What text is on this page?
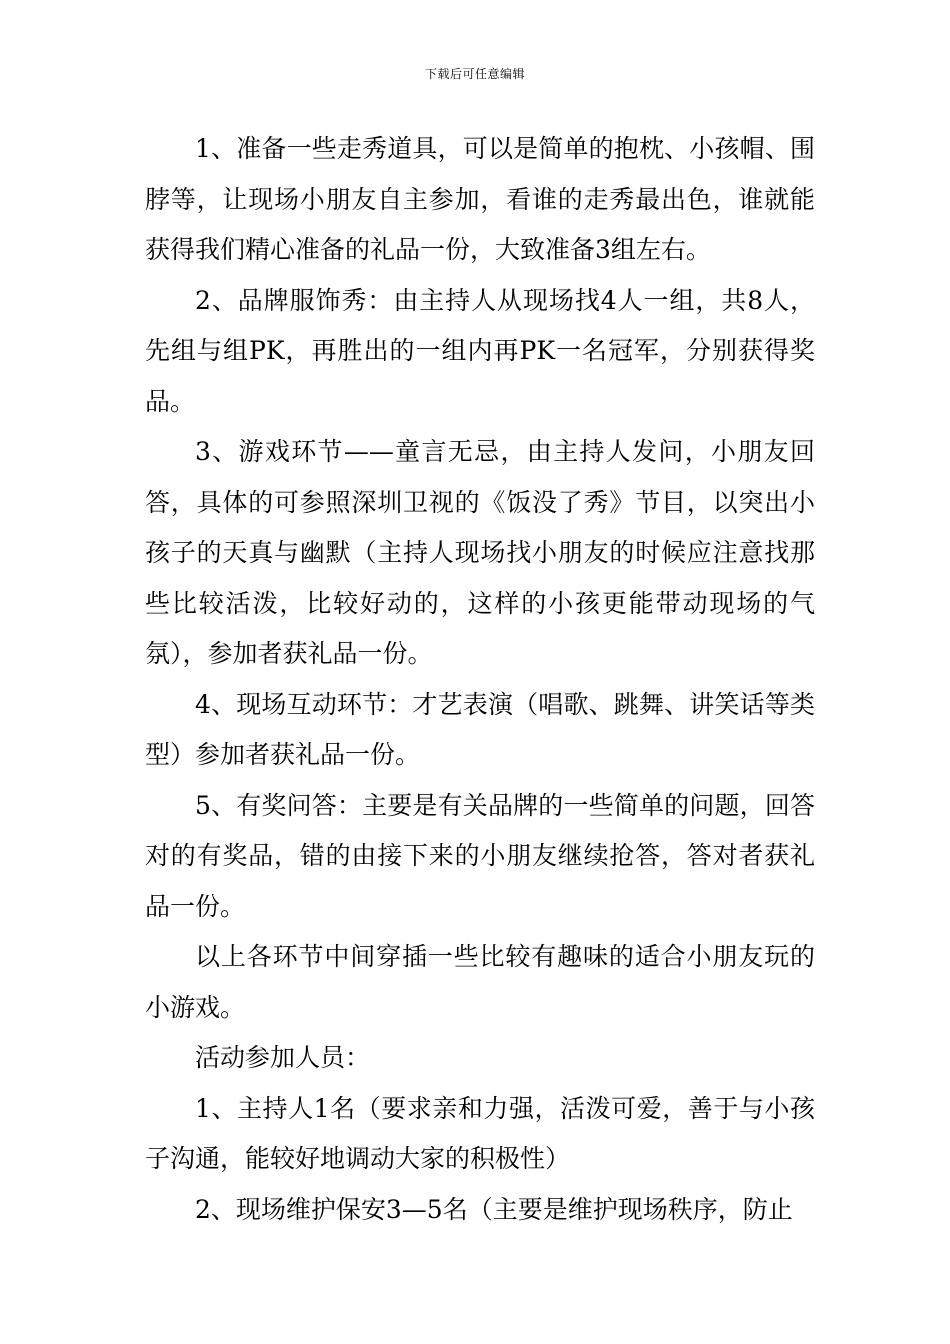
下载后可任意编辑

1、准备一些走秀道具，可以是简单的抱枕、小孩帽、围脖等，让现场小朋友自主参加，看谁的走秀最出色，谁就能获得我们精心准备的礼品一份，大致准备3组左右。

2、品牌服饰秀：由主持人从现场找4人一组，共8人，先组与组PK，再胜出的一组内再PK一名冠军，分别获得奖品。

3、游戏环节——童言无忌，由主持人发问，小朋友回答，具体的可参照深圳卫视的《饭没了秀》节目，以突出小孩子的天真与幽默（主持人现场找小朋友的时候应注意找那些比较活泼，比较好动的，这样的小孩更能带动现场的气氛），参加者获礼品一份。

4、现场互动环节：才艺表演（唱歌、跳舞、讲笑话等类型）参加者获礼品一份。

5、有奖问答：主要是有关品牌的一些简单的问题，回答对的有奖品，错的由接下来的小朋友继续抢答，答对者获礼品一份。

以上各环节中间穿插一些比较有趣味的适合小朋友玩的小游戏。

活动参加人员：

1、主持人1名（要求亲和力强，活泼可爱，善于与小孩子沟通，能较好地调动大家的积极性）

2、现场维护保安3—5名（主要是维护现场秩序，防止
